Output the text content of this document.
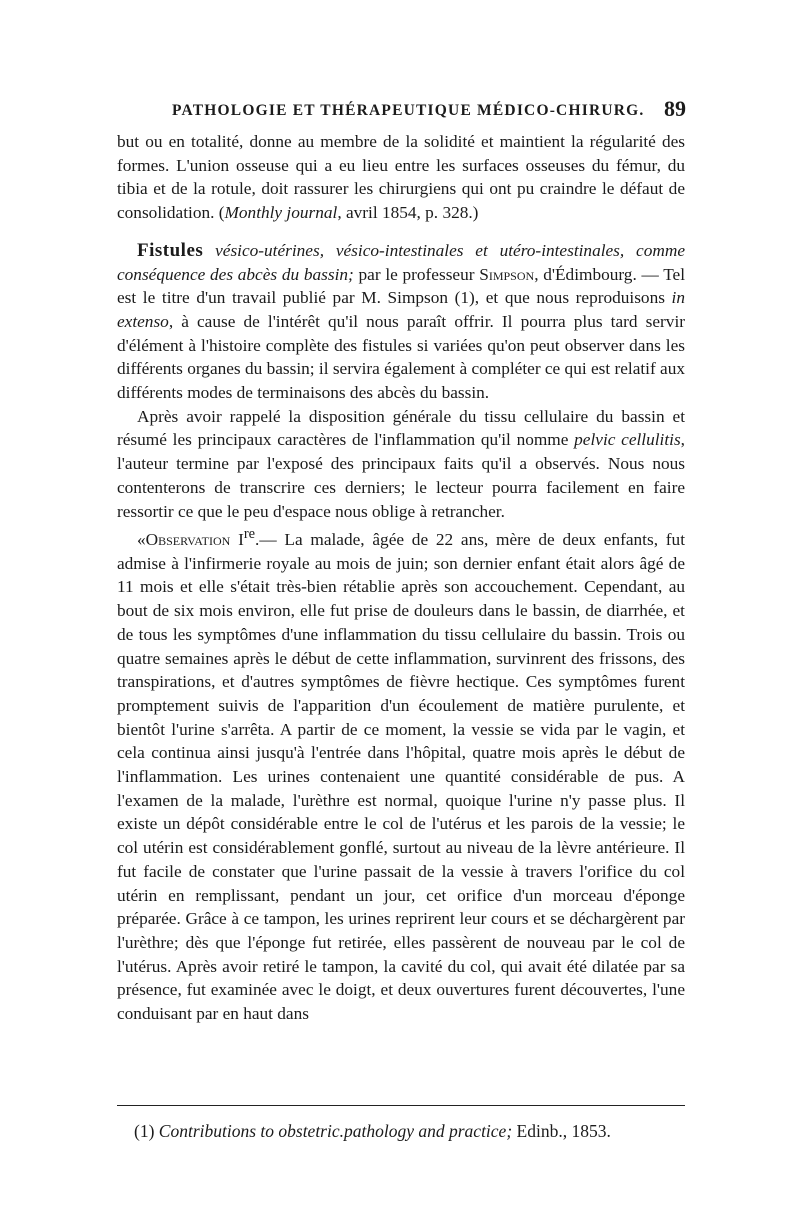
PATHOLOGIE ET THÉRAPEUTIQUE MÉDICO-CHIRURG. 89

but ou en totalité, donne au membre de la solidité et maintient la régularité des formes. L'union osseuse qui a eu lieu entre les surfaces osseuses du fémur, du tibia et de la rotule, doit rassurer les chirurgiens qui ont pu craindre le défaut de consolidation. (Monthly journal, avril 1854, p. 328.)

Fistules vésico-utérines, vésico-intestinales et utéro-intestinales, comme conséquence des abcès du bassin; par le professeur Simpson, d'Édimbourg. — Tel est le titre d'un travail publié par M. Simpson (1), et que nous reproduisons in extenso, à cause de l'intérêt qu'il nous paraît offrir. Il pourra plus tard servir d'élément à l'histoire complète des fistules si variées qu'on peut observer dans les différents organes du bassin; il servira également à compléter ce qui est relatif aux différents modes de terminaisons des abcès du bassin.

Après avoir rappelé la disposition générale du tissu cellulaire du bassin et résumé les principaux caractères de l'inflammation qu'il nomme pelvic cellulitis, l'auteur termine par l'exposé des principaux faits qu'il a observés. Nous nous contenterons de transcrire ces derniers; le lecteur pourra facilement en faire ressortir ce que le peu d'espace nous oblige à retrancher.

«Observation Ire.— La malade, âgée de 22 ans, mère de deux enfants, fut admise à l'infirmerie royale au mois de juin; son dernier enfant était alors âgé de 11 mois et elle s'était très-bien rétablie après son accouchement. Cependant, au bout de six mois environ, elle fut prise de douleurs dans le bassin, de diarrhée, et de tous les symptômes d'une inflammation du tissu cellulaire du bassin. Trois ou quatre semaines après le début de cette inflammation, survinrent des frissons, des transpirations, et d'autres symptômes de fièvre hectique. Ces symptômes furent promptement suivis de l'apparition d'un écoulement de matière purulente, et bientôt l'urine s'arrêta. A partir de ce moment, la vessie se vida par le vagin, et cela continua ainsi jusqu'à l'entrée dans l'hôpital, quatre mois après le début de l'inflammation. Les urines contenaient une quantité considérable de pus. A l'examen de la malade, l'urèthre est normal, quoique l'urine n'y passe plus. Il existe un dépôt considérable entre le col de l'utérus et les parois de la vessie; le col utérin est considérablement gonflé, surtout au niveau de la lèvre antérieure. Il fut facile de constater que l'urine passait de la vessie à travers l'orifice du col utérin en remplissant, pendant un jour, cet orifice d'un morceau d'éponge préparée. Grâce à ce tampon, les urines reprirent leur cours et se déchargèrent par l'urèthre; dès que l'éponge fut retirée, elles passèrent de nouveau par le col de l'utérus. Après avoir retiré le tampon, la cavité du col, qui avait été dilatée par sa présence, fut examinée avec le doigt, et deux ouvertures furent découvertes, l'une conduisant par en haut dans

(1) Contributions to obstetric.pathology and practice; Edinb., 1853.
